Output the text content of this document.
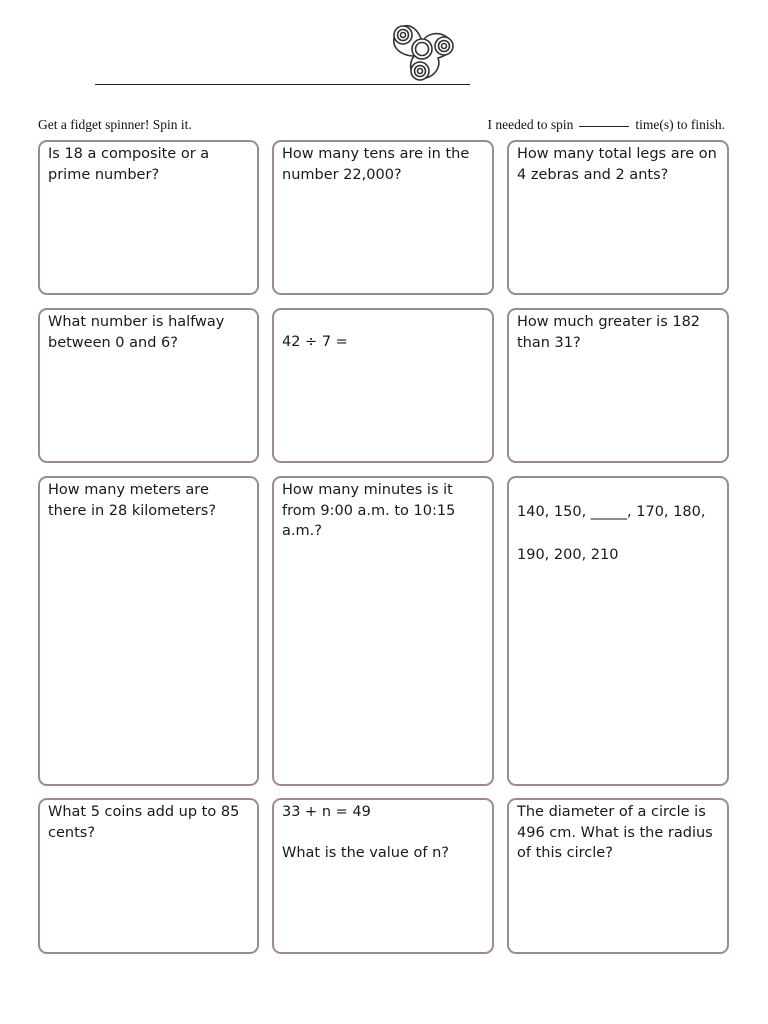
Get a fidget spinner! Spin it.	I needed to spin	time(s) to finish.

Is 18 a composite or a
prime number?

How many tens are in the
number 22,000?

How many total legs are on
4 zebras and 2 ants?

What number is halfway
between 0 and 6?	42 ÷ 7 =

How much greater is 182
than 31?

How many meters are
there in 28 kilometers?

How many minutes is it
from 9:00 a.m. to 10:15 a.m.?

140, 150, _____, 170, 180,
190, 200, 210

What 5 coins add up to 85
cents?

33 + n = 49

What is the value of n?

The diameter of a circle is
496 cm. What is the radius
of this circle?
